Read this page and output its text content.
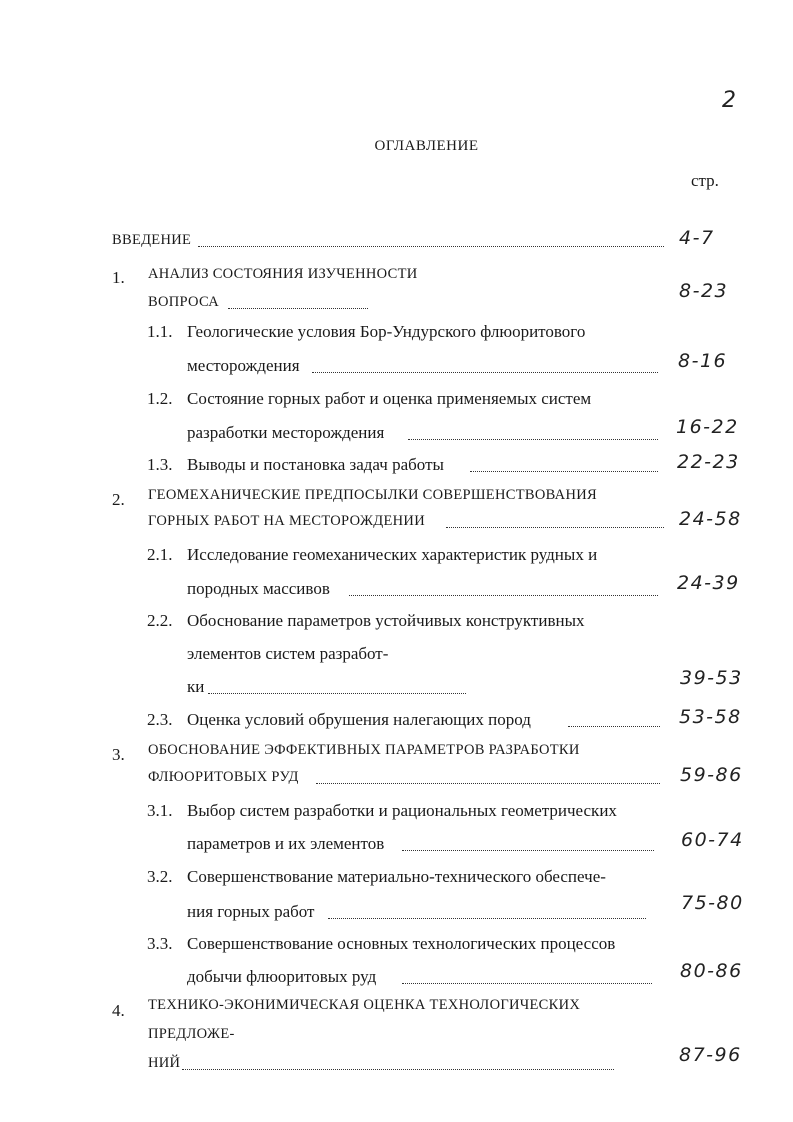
2
ОГЛАВЛЕНИЕ
стр.
ВВЕДЕНИЕ	4-7
1. АНАЛИЗ СОСТОЯНИЯ ИЗУЧЕННОСТИ
ВОПРОСА	8-23
1.1. Геологические условия Бор-Ундурского флюоритового
месторождения	8-16
1.2. Состояние горных работ и оценка применяемых систем
разработки месторождения	16-22
1.3. Выводы и постановка задач работы	22-23
2. ГЕОМЕХАНИЧЕСКИЕ ПРЕДПОСЫЛКИ СОВЕРШЕНСТВОВАНИЯ
ГОРНЫХ РАБОТ НА МЕСТОРОЖДЕНИИ	24-58
2.1. Исследование геомеханических характеристик рудных и
породных массивов	24-39
2.2. Обоснование параметров устойчивых конструктивных
элементов систем разработ-
ки	39-53
2.3. Оценка условий обрушения налегающих пород	53-58
3. ОБОСНОВАНИЕ ЭФФЕКТИВНЫХ ПАРАМЕТРОВ РАЗРАБОТКИ
ФЛЮОРИТОВЫХ РУД	59-86
3.1. Выбор систем разработки и рациональных геометрических
параметров и их элементов	60-74
3.2. Совершенствование материально-технического обеспече-
ния горных работ	75-80
3.3. Совершенствование основных технологических процессов
добычи флюоритовых руд	80-86
4. ТЕХНИКО-ЭКОНИМИЧЕСКАЯ ОЦЕНКА ТЕХНОЛОГИЧЕСКИХ
ПРЕДЛОЖЕ-
НИЙ	87-96
